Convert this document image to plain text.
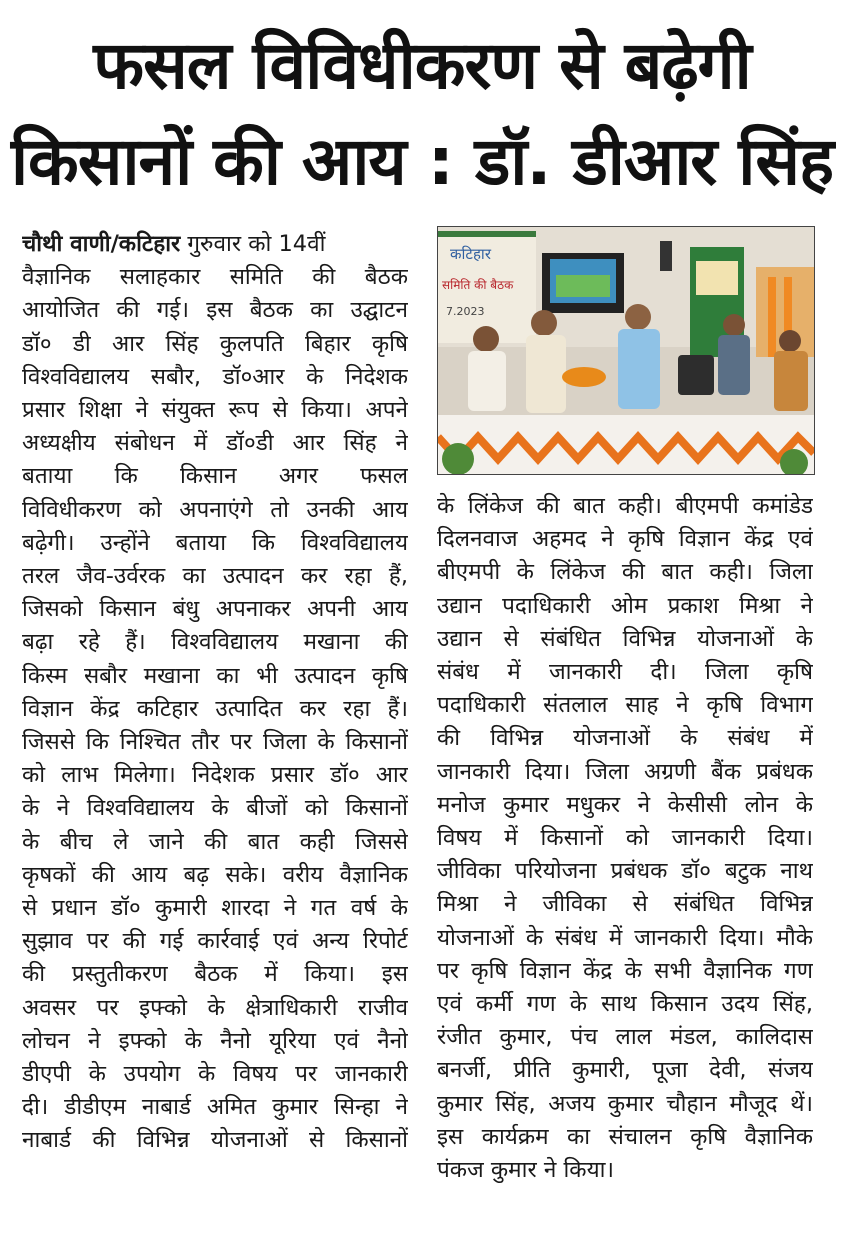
फसल विविधीकरण से बढ़ेगी
किसानों की आय : डॉ. डीआर सिंह
कटिहार
समिति की बैठक
7.2023
चौथी वाणी/कटिहार गुरुवार को 14वीं
वैज्ञानिक सलाहकार समिति की बैठक
आयोजित की गई। इस बैठक का उद्घाटन
डॉ० डी आर सिंह कुलपति बिहार कृषि
विश्वविद्यालय सबौर, डॉ०आर के निदेशक
प्रसार शिक्षा ने संयुक्त रूप से किया। अपने
अध्यक्षीय संबोधन में डॉ०डी आर सिंह ने
बताया कि किसान अगर फसल
विविधीकरण को अपनाएंगे तो उनकी आय
बढ़ेगी। उन्होंने बताया कि विश्वविद्यालय
तरल जैव-उर्वरक का उत्पादन कर रहा हैं,
जिसको किसान बंधु अपनाकर अपनी आय
बढ़ा रहे हैं। विश्वविद्यालय मखाना की
किस्म सबौर मखाना का भी उत्पादन कृषि
विज्ञान केंद्र कटिहार उत्पादित कर रहा हैं।
जिससे कि निश्चित तौर पर जिला के किसानों
को लाभ मिलेगा। निदेशक प्रसार डॉ० आर
के ने विश्वविद्यालय के बीजों को किसानों
के बीच ले जाने की बात कही जिससे
कृषकों की आय बढ़ सके। वरीय वैज्ञानिक
से प्रधान डॉ० कुमारी शारदा ने गत वर्ष के
सुझाव पर की गई कार्रवाई एवं अन्य रिपोर्ट
की प्रस्तुतीकरण बैठक में किया। इस
अवसर पर इफ्को के क्षेत्राधिकारी राजीव
लोचन ने इफ्को के नैनो यूरिया एवं नैनो
डीएपी के उपयोग के विषय पर जानकारी
दी। डीडीएम नाबार्ड अमित कुमार सिन्हा ने
नाबार्ड की विभिन्न योजनाओं से किसानों
के लिंकेज की बात कही। बीएमपी कमांडेड
दिलनवाज अहमद ने कृषि विज्ञान केंद्र एवं
बीएमपी के लिंकेज की बात कही। जिला
उद्यान पदाधिकारी ओम प्रकाश मिश्रा ने
उद्यान से संबंधित विभिन्न योजनाओं के
संबंध में जानकारी दी। जिला कृषि
पदाधिकारी संतलाल साह ने कृषि विभाग
की विभिन्न योजनाओं के संबंध में
जानकारी दिया। जिला अग्रणी बैंक प्रबंधक
मनोज कुमार मधुकर ने केसीसी लोन के
विषय में किसानों को जानकारी दिया।
जीविका परियोजना प्रबंधक डॉ० बटुक नाथ
मिश्रा ने जीविका से संबंधित विभिन्न
योजनाओं के संबंध में जानकारी दिया। मौके
पर कृषि विज्ञान केंद्र के सभी वैज्ञानिक गण
एवं कर्मी गण के साथ किसान उदय सिंह,
रंजीत कुमार, पंच लाल मंडल, कालिदास
बनर्जी, प्रीति कुमारी, पूजा देवी, संजय
कुमार सिंह, अजय कुमार चौहान मौजूद थें।
इस कार्यक्रम का संचालन कृषि वैज्ञानिक
पंकज कुमार ने किया।
